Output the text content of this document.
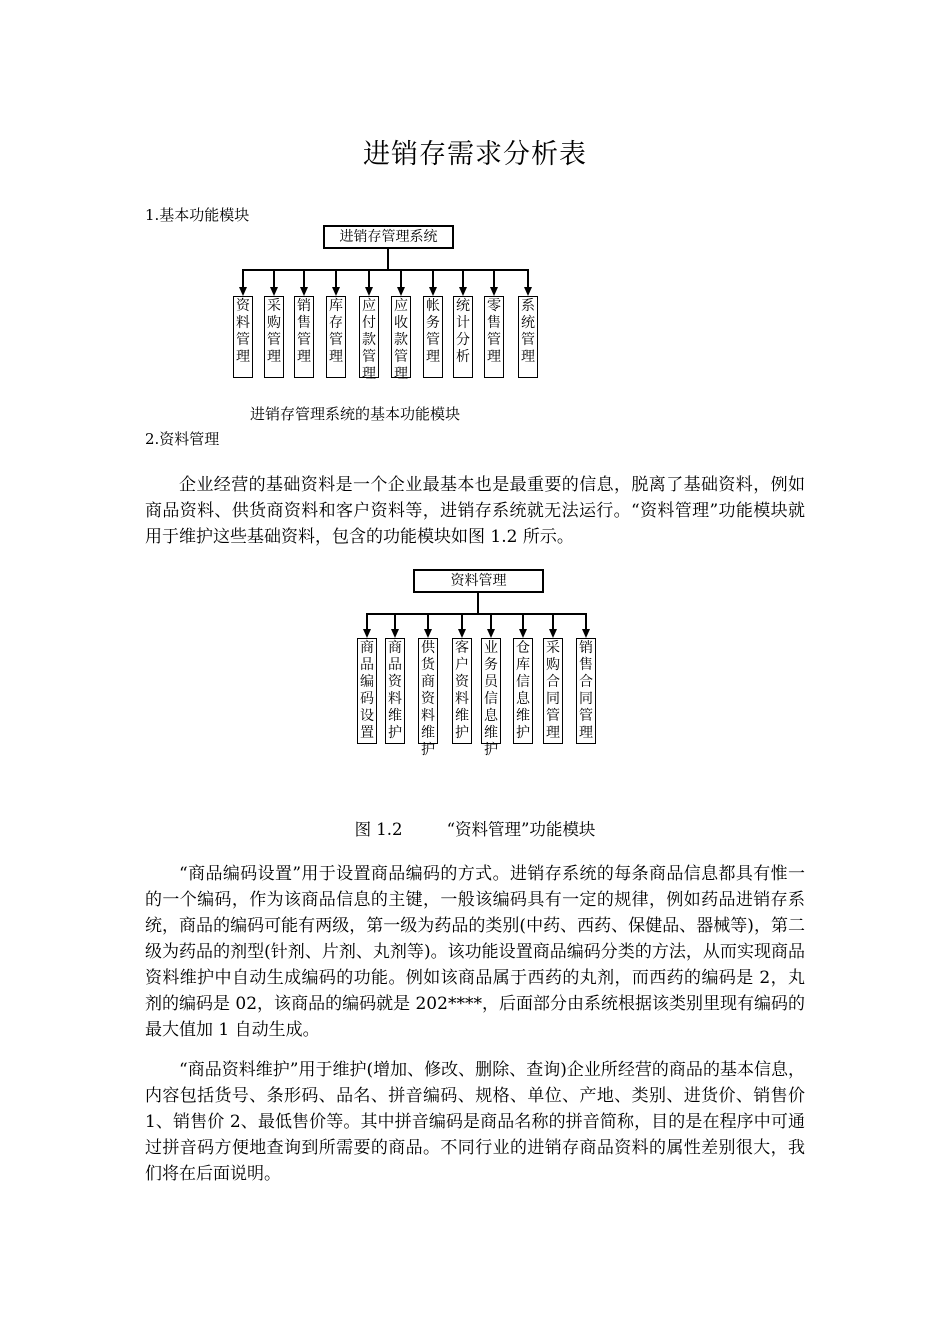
进销存需求分析表
1.基本功能模块
进销存管理系统
资
料
管
理
采
购
管
理
销
售
管
理
库
存
管
理
应
付
款
管
理
应
收
款
管
理
帐
务
管
理
统
计
分
析
零
售
管
理
系
统
管
理
进销存管理系统的基本功能模块
2.资料管理
企业经营的基础资料是一个企业最基本也是最重要的信息，脱离了基础资料，例如商品资料、供货商资料和客户资料等，进销存系统就无法运行。“资料管理”功能模块就用于维护这些基础资料，包含的功能模块如图 1.2 所示。
资料管理
商
品
编
码
设
置
商
品
资
料
维
护
供
货
商
资
料
维
护
客
户
资
料
维
护
业
务
员
信
息
维
护
仓
库
信
息
维
护
采
购
合
同
管
理
销
售
合
同
管
理
图 1.2	“资料管理”功能模块
“商品编码设置”用于设置商品编码的方式。进销存系统的每条商品信息都具有惟一的一个编码，作为该商品信息的主键，一般该编码具有一定的规律，例如药品进销存系统，商品的编码可能有两级，第一级为药品的类别(中药、西药、保健品、器械等)，第二级为药品的剂型(针剂、片剂、丸剂等)。该功能设置商品编码分类的方法，从而实现商品资料维护中自动生成编码的功能。例如该商品属于西药的丸剂，而西药的编码是 2，丸剂的编码是 02，该商品的编码就是 202****，后面部分由系统根据该类别里现有编码的最大值加 1 自动生成。
“商品资料维护”用于维护(增加、修改、删除、查询)企业所经营的商品的基本信息，内容包括货号、条形码、品名、拼音编码、规格、单位、产地、类别、进货价、销售价 1、销售价 2、最低售价等。其中拼音编码是商品名称的拼音简称，目的是在程序中可通过拼音码方便地查询到所需要的商品。不同行业的进销存商品资料的属性差别很大，我们将在后面说明。
